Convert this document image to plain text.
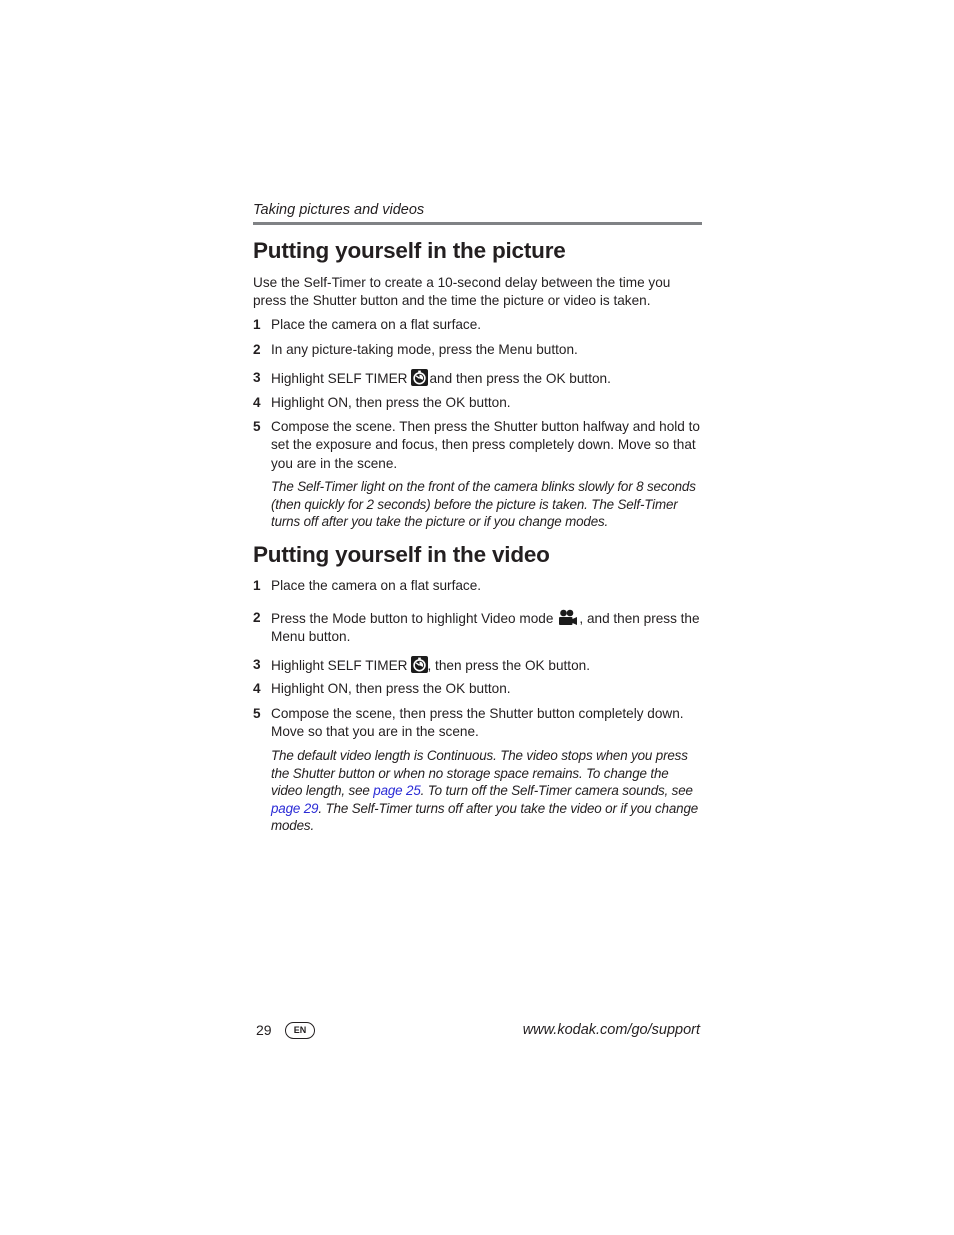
Taking pictures and videos
Putting yourself in the picture
Use the Self-Timer to create a 10-second delay between the time you press the Shutter button and the time the picture or video is taken.
1 Place the camera on a flat surface.
2 In any picture-taking mode, press the Menu button.
3 Highlight SELF TIMER and then press the OK button.
4 Highlight ON, then press the OK button.
5 Compose the scene. Then press the Shutter button halfway and hold to set the exposure and focus, then press completely down. Move so that you are in the scene.
The Self-Timer light on the front of the camera blinks slowly for 8 seconds (then quickly for 2 seconds) before the picture is taken. The Self-Timer turns off after you take the picture or if you change modes.
Putting yourself in the video
1 Place the camera on a flat surface.
2 Press the Mode button to highlight Video mode , and then press the Menu button.
3 Highlight SELF TIMER , then press the OK button.
4 Highlight ON, then press the OK button.
5 Compose the scene, then press the Shutter button completely down. Move so that you are in the scene.
The default video length is Continuous. The video stops when you press the Shutter button or when no storage space remains. To change the video length, see page 25. To turn off the Self-Timer camera sounds, see page 29. The Self-Timer turns off after you take the video or if you change modes.
29	EN	www.kodak.com/go/support
